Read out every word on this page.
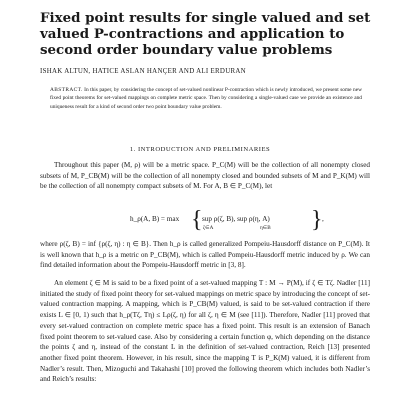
Fixed point results for single valued and set valued P-contractions and application to second order boundary value problems

ISHAK ALTUN, HATICE ASLAN HANÇER AND ALI ERDURAN

ABSTRACT. In this paper, by considering the concept of set-valued nonlinear P-contraction which is newly introduced, we present some new fixed point theorems for set-valued mappings on complete metric space. Then by considering a single-valued case we provide an existence and uniqueness result for a kind of second order two point boundary value problem.

1. INTRODUCTION AND PRELIMINARIES

Throughout this paper (M, ρ) will be a metric space. P_C(M) will be the collection of all nonempty closed subsets of M, P_CB(M) will be the collection of all nonempty closed and bounded subsets of M and P_K(M) will be the collection of all nonempty compact subsets of M. For A, B ∈ P_C(M), let

h_ρ(A, B) = max { sup ρ(ζ, B), sup ρ(η, A)
ζ∈A	η∈B } ,

where ρ(ζ, B) = inf {ρ(ζ, η) : η ∈ B}. Then h_ρ is called generalized Pompeiu-Hausdorff distance on P_C(M). It is well known that h_ρ is a metric on P_CB(M), which is called Pompeiu-Hausdorff metric induced by ρ. We can find detailed information about the Pompeiu-Hausdorff metric in [3, 8].

An element ζ ∈ M is said to be a fixed point of a set-valued mapping T : M → P(M), if ζ ∈ Tζ. Nadler [11] initiated the study of fixed point theory for set-valued mappings on metric space by introducing the concept of set-valued contraction mapping. A mapping, which is P_CB(M) valued, is said to be set-valued contraction if there exists L ∈ [0, 1) such that h_ρ(Tζ, Tη) ≤ Lρ(ζ, η) for all ζ, η ∈ M (see [11]). Therefore, Nadler [11] proved that every set-valued contraction on complete metric space has a fixed point. This result is an extension of Banach fixed point theorem to set-valued case. Also by considering a certain function φ, which depending on the distance the points ζ and η, instead of the constant L in the definition of set-valued contraction, Reich [13] presented another fixed point theorem. However, in his result, since the mapping T is P_K(M) valued, it is different from Nadler’s result. Then, Mizoguchi and Takahashi [10] proved the following theorem which includes both Nadler’s and Reich’s results:
